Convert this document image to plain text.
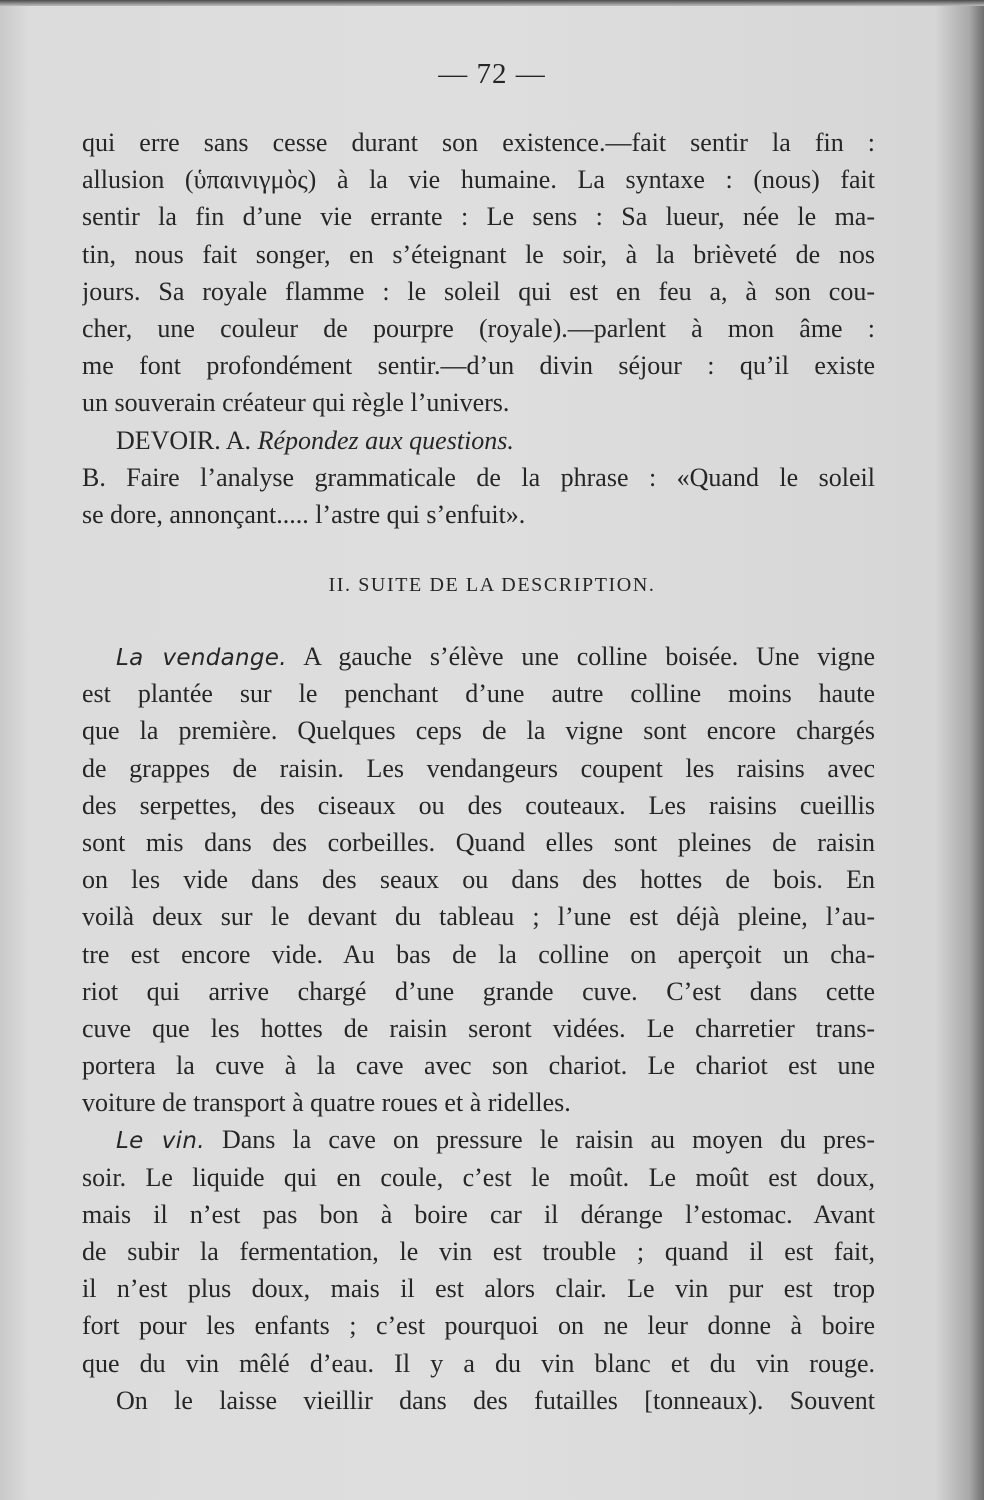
— 72 —
qui erre sans cesse durant son existence.—fait sentir la fin :
allusion (ὑπαινιγμὸς) à la vie humaine. La syntaxe : (nous) fait
sentir la fin d’une vie errante : Le sens : Sa lueur, née le ma-
tin, nous fait songer, en s’éteignant le soir, à la brièveté de nos
jours. Sa royale flamme : le soleil qui est en feu a, à son cou-
cher, une couleur de pourpre (royale).—parlent à mon âme :
me font profondément sentir.—d’un divin séjour : qu’il existe
un souverain créateur qui règle l’univers.
DEVOIR. A. Répondez aux questions.
B. Faire l’analyse grammaticale de la phrase : «Quand le soleil
se dore, annonçant..... l’astre qui s’enfuit».
II. SUITE DE LA DESCRIPTION.
La vendange. A gauche s’élève une colline boisée. Une vigne
est plantée sur le penchant d’une autre colline moins haute
que la première. Quelques ceps de la vigne sont encore chargés
de grappes de raisin. Les vendangeurs coupent les raisins avec
des serpettes, des ciseaux ou des couteaux. Les raisins cueillis
sont mis dans des corbeilles. Quand elles sont pleines de raisin
on les vide dans des seaux ou dans des hottes de bois. En
voilà deux sur le devant du tableau ; l’une est déjà pleine, l’au-
tre est encore vide. Au bas de la colline on aperçoit un cha-
riot qui arrive chargé d’une grande cuve. C’est dans cette
cuve que les hottes de raisin seront vidées. Le charretier trans-
portera la cuve à la cave avec son chariot. Le chariot est une
voiture de transport à quatre roues et à ridelles.
Le vin. Dans la cave on pressure le raisin au moyen du pres-
soir. Le liquide qui en coule, c’est le moût. Le moût est doux,
mais il n’est pas bon à boire car il dérange l’estomac. Avant
de subir la fermentation, le vin est trouble ; quand il est fait,
il n’est plus doux, mais il est alors clair. Le vin pur est trop
fort pour les enfants ; c’est pourquoi on ne leur donne à boire
que du vin mêlé d’eau. Il y a du vin blanc et du vin rouge.
On le laisse vieillir dans des futailles [tonneaux). Souvent
